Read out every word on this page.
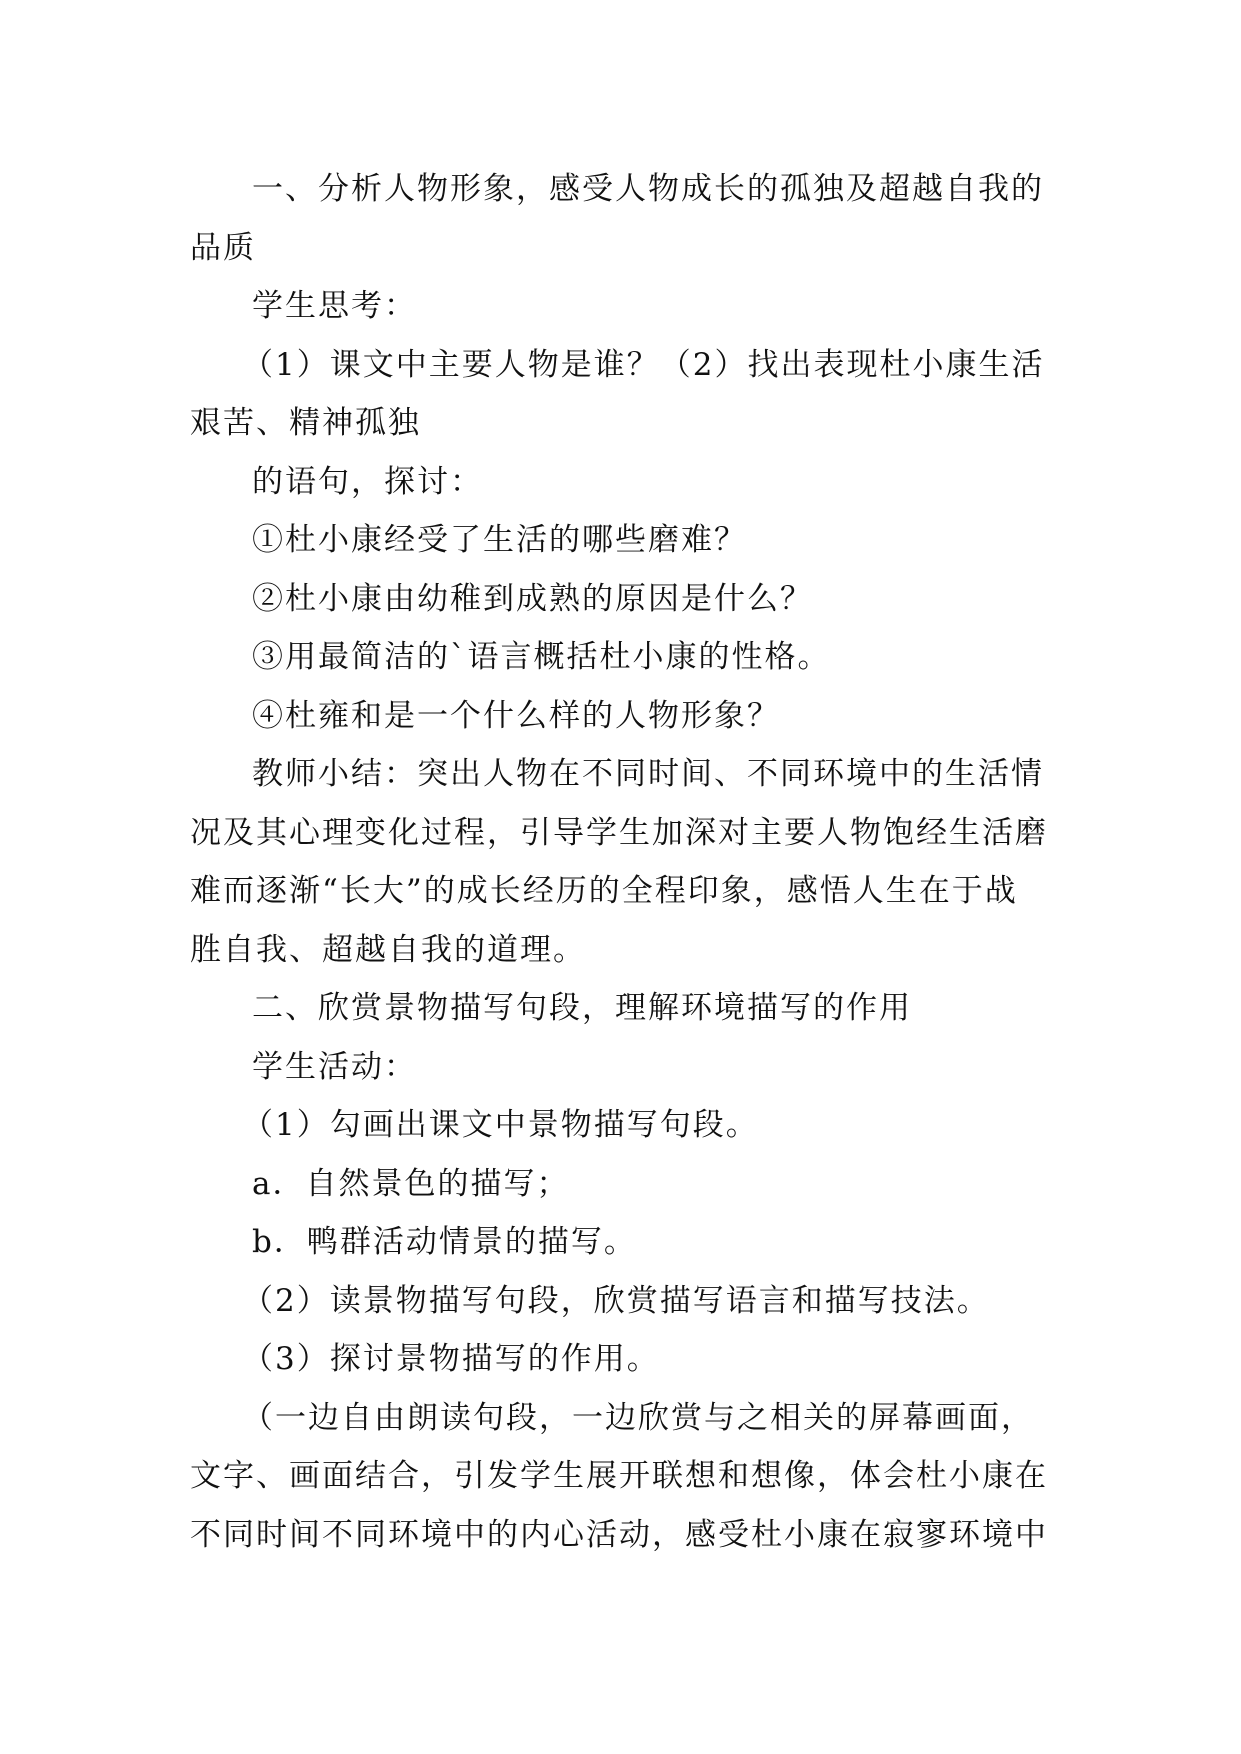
一、分析人物形象，感受人物成长的孤独及超越自我的品质

学生思考：

（1）课文中主要人物是谁？（2）找出表现杜小康生活艰苦、精神孤独

的语句，探讨：

①杜小康经受了生活的哪些磨难？

②杜小康由幼稚到成熟的原因是什么？

③用最简洁的`语言概括杜小康的性格。

④杜雍和是一个什么样的人物形象？

教师小结：突出人物在不同时间、不同环境中的生活情况及其心理变化过程，引导学生加深对主要人物饱经生活磨难而逐渐“长大”的成长经历的全程印象，感悟人生在于战胜自我、超越自我的道理。

二、欣赏景物描写句段，理解环境描写的作用

学生活动：

（1）勾画出课文中景物描写句段。

a．自然景色的描写；

b．鸭群活动情景的描写。

（2）读景物描写句段，欣赏描写语言和描写技法。

（3）探讨景物描写的作用。

（一边自由朗读句段，一边欣赏与之相关的屏幕画面，文字、画面结合，引发学生展开联想和想像，体会杜小康在不同时间不同环境中的内心活动，感受杜小康在寂寥环境中
